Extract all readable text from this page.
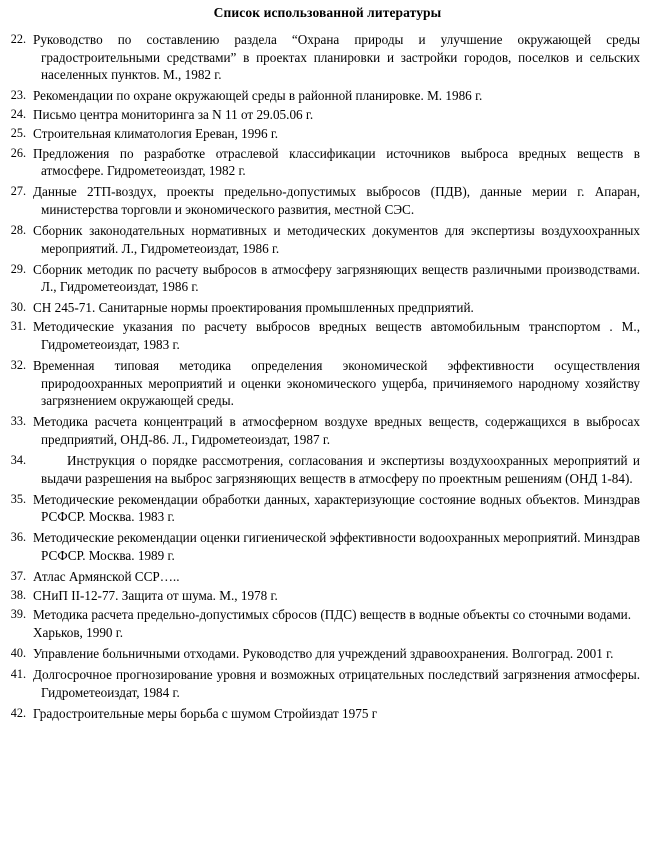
Список использованной литературы
22. Руководство по составлению раздела “Охрана природы и улучшение окружающей среды градостроительными средствами” в проектах планировки и застройки городов, поселков и сельских населенных пунктов. М., 1982 г.
23. Рекомендации по охране окружающей среды в районной планировке. М. 1986 г.
24. Письмо центра мониторинга за N 11 от 29.05.06 г.
25. Строительная климатология Ереван, 1996 г.
26. Предложения по разработке отраслевой классификации источников выброса вредных веществ в атмосфере. Гидрометеоиздат, 1982 г.
27. Данные 2ТП-воздух, проекты предельно-допустимых выбросов (ПДВ), данные мерии г. Апаран, министерства торговли и экономического развития, местной СЭС.
28. Сборник законодательных нормативных и методических документов для экспертизы воздухоохранных мероприятий. Л., Гидрометеоиздат, 1986 г.
29. Сборник методик по расчету выбросов в атмосферу загрязняющих веществ различными производствами. Л., Гидрометеоиздат, 1986 г.
30. СН 245-71. Санитарные нормы проектирования промышленных предприятий.
31. Методические указания по расчету выбросов вредных веществ автомобильным транспортом . М., Гидрометеоиздат, 1983 г.
32. Временная типовая методика определения экономической эффективности осуществления природоохранных мероприятий и оценки экономического ущерба, причиняемого народному хозяйству загрязнением окружающей среды.
33. Методика расчета концентраций в атмосферном воздухе вредных веществ, содержащихся в выбросах предприятий, ОНД-86. Л., Гидрометеоиздат, 1987 г.
34.	Инструкция о порядке рассмотрения, согласования и экспертизы воздухоохранных мероприятий и выдачи разрешения на выброс загрязняющих веществ в атмосферу по проектным решениям (ОНД 1-84).
35. Методические рекомендации обработки данных, характеризующие состояние водных объектов. Минздрав РСФСР. Москва. 1983 г.
36. Методические рекомендации оценки гигиенической эффективности водоохранных мероприятий. Минздрав РСФСР. Москва. 1989 г.
37. Атлас Армянской ССР…..
38. СНиП II-12-77. Защита от шума. М., 1978 г.
39. Методика расчета предельно-допустимых сбросов (ПДС) веществ в водные объекты со сточными водами. Харьков, 1990 г.
40. Управление больничными отходами. Руководство для учреждений здравоохранения. Волгоград. 2001 г.
41. Долгосрочное прогнозирование уровня и возможных отрицательных последствий загрязнения атмосферы. Гидрометеоиздат, 1984 г.
42. Градостроительные меры борьба с шумом Стройиздат 1975 г
